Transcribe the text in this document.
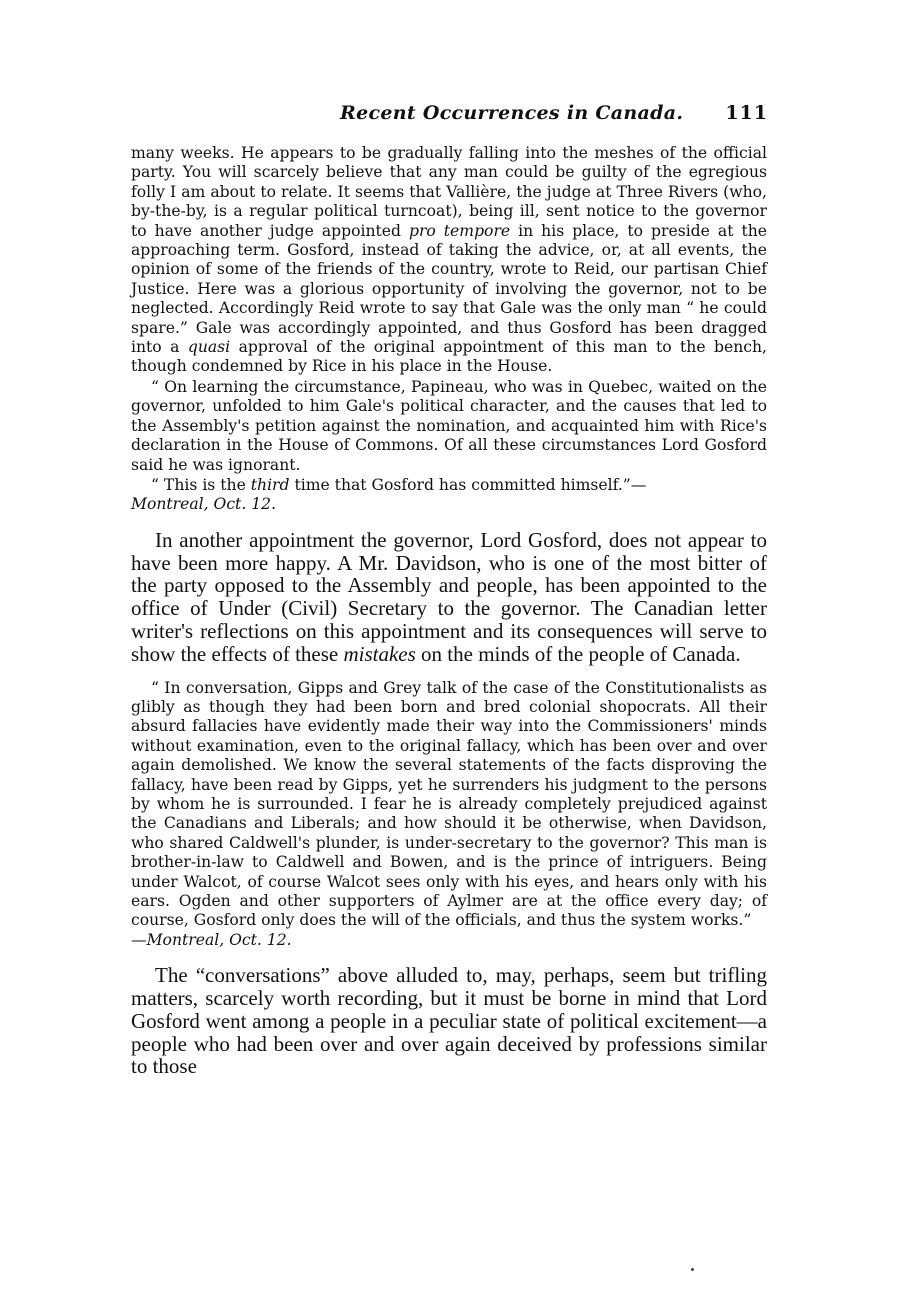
Recent Occurrences in Canada. 111

many weeks. He appears to be gradually falling into the meshes of the official party. You will scarcely believe that any man could be guilty of the egregious folly I am about to relate. It seems that Vallière, the judge at Three Rivers (who, by-the-by, is a regular political turncoat), being ill, sent notice to the governor to have another judge appointed pro tempore in his place, to preside at the approaching term. Gosford, instead of taking the advice, or, at all events, the opinion of some of the friends of the country, wrote to Reid, our partisan Chief Justice. Here was a glorious opportunity of involving the governor, not to be neglected. Accordingly Reid wrote to say that Gale was the only man “ he could spare.” Gale was accordingly appointed, and thus Gosford has been dragged into a quasi approval of the original appointment of this man to the bench, though condemned by Rice in his place in the House.

“ On learning the circumstance, Papineau, who was in Quebec, waited on the governor, unfolded to him Gale's political character, and the causes that led to the Assembly's petition against the nomination, and acquainted him with Rice's declaration in the House of Commons. Of all these circumstances Lord Gosford said he was ignorant.

“ This is the third time that Gosford has committed himself.”—
Montreal, Oct. 12.

In another appointment the governor, Lord Gosford, does not appear to have been more happy. A Mr. Davidson, who is one of the most bitter of the party opposed to the Assembly and people, has been appointed to the office of Under (Civil) Secretary to the governor. The Canadian letter writer's reflections on this appointment and its consequences will serve to show the effects of these mistakes on the minds of the people of Canada.

“ In conversation, Gipps and Grey talk of the case of the Constitutionalists as glibly as though they had been born and bred colonial shopocrats. All their absurd fallacies have evidently made their way into the Commissioners' minds without examination, even to the original fallacy, which has been over and over again demolished. We know the several statements of the facts disproving the fallacy, have been read by Gipps, yet he surrenders his judgment to the persons by whom he is surrounded. I fear he is already completely prejudiced against the Canadians and Liberals; and how should it be otherwise, when Davidson, who shared Caldwell's plunder, is under-secretary to the governor? This man is brother-in-law to Caldwell and Bowen, and is the prince of intriguers. Being under Walcot, of course Walcot sees only with his eyes, and hears only with his ears. Ogden and other supporters of Aylmer are at the office every day; of course, Gosford only does the will of the officials, and thus the system works.”
—Montreal, Oct. 12.

The “conversations” above alluded to, may, perhaps, seem but trifling matters, scarcely worth recording, but it must be borne in mind that Lord Gosford went among a people in a peculiar state of political excitement—a people who had been over and over again deceived by professions similar to those
